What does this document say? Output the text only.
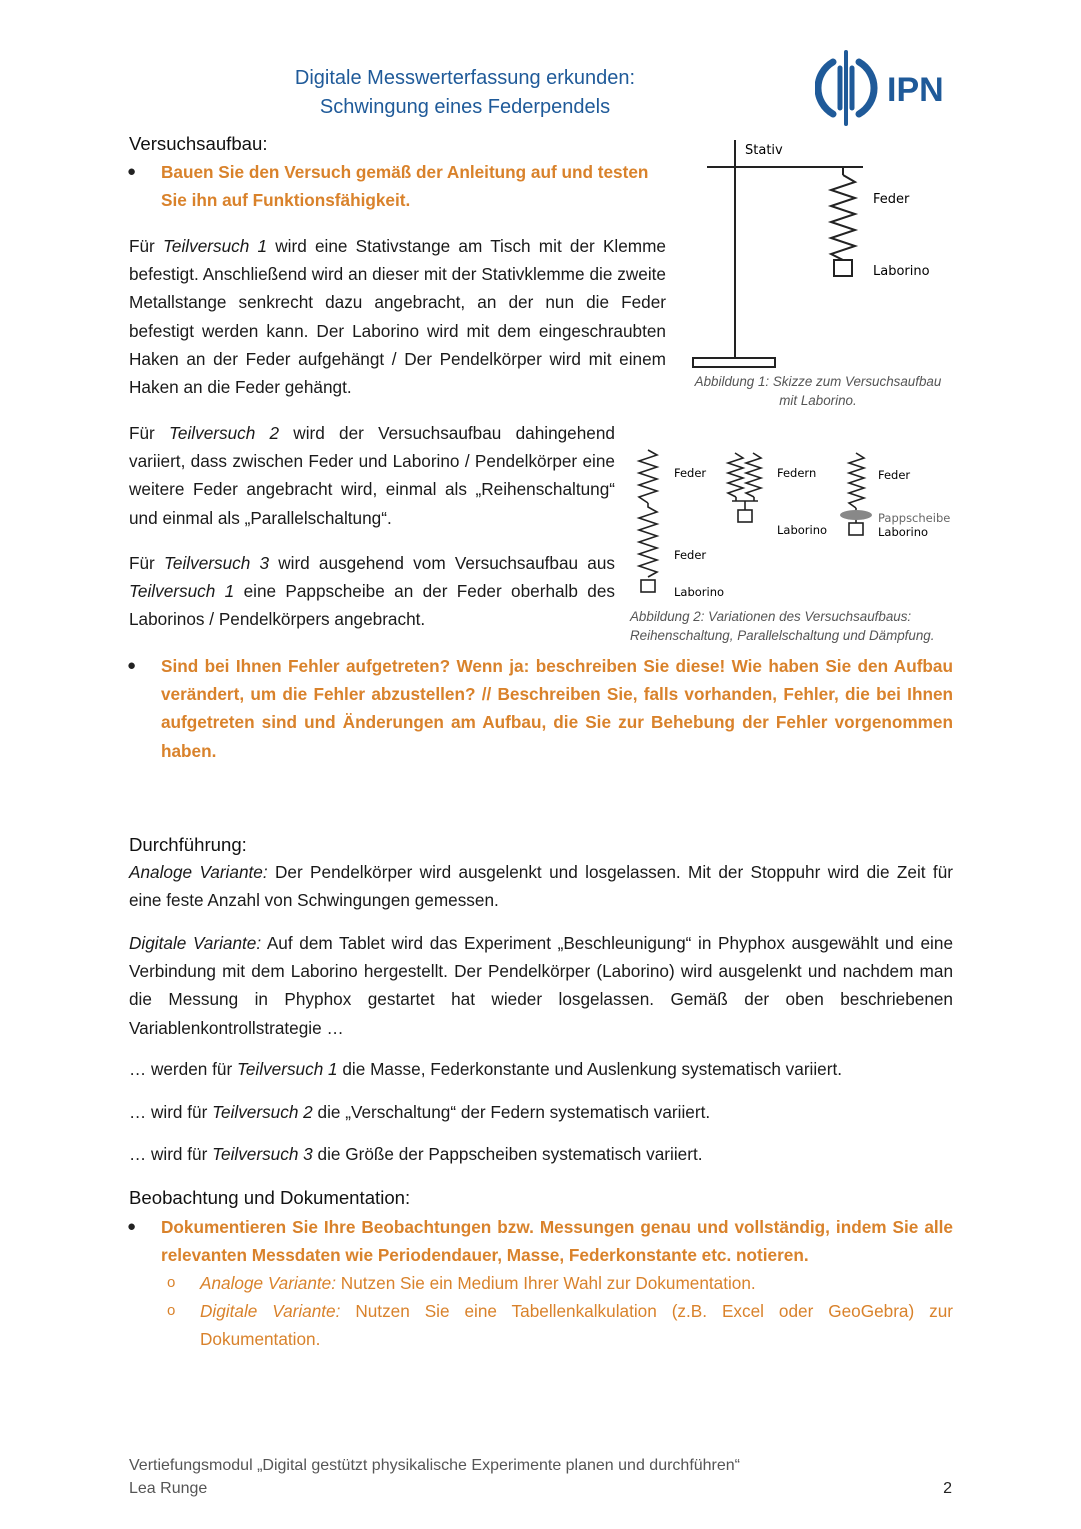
Digitale Messwerterfassung erkunden:
Schwingung eines Federpendels	IPN
Versuchsaufbau:
● Bauen Sie den Versuch gemäß der Anleitung auf und testen
Sie ihn auf Funktionsfähigkeit.

Für Teilversuch 1 wird eine Stativstange am Tisch mit der Klemme befestigt. Anschließend wird an dieser mit der Stativklemme die zweite Metallstange senkrecht dazu angebracht, an der nun die Feder befestigt werden kann. Der Laborino wird mit dem eingeschraubten Haken an der Feder aufgehängt / Der Pendelkörper wird mit einem Haken an die Feder gehängt.

Für Teilversuch 2 wird der Versuchsaufbau dahingehend variiert, dass zwischen Feder und Laborino / Pendelkörper eine weitere Feder angebracht wird, einmal als „Reihenschaltung“ und einmal als „Parallelschaltung“.

Für Teilversuch 3 wird ausgehend vom Versuchsaufbau aus Teilversuch 1 eine Pappscheibe an der Feder oberhalb des Laborinos / Pendelkörpers angebracht.

Stativ
Feder
Laborino
Abbildung 1: Skizze zum Versuchsaufbau
mit Laborino.
Feder
Feder
Laborino
Federn
Laborino
Feder
Pappscheibe
Laborino
Abbildung 2: Variationen des Versuchsaufbaus:
Reihenschaltung, Parallelschaltung und Dämpfung.
● Sind bei Ihnen Fehler aufgetreten? Wenn ja: beschreiben Sie diese! Wie haben Sie den Aufbau verändert, um die Fehler abzustellen? // Beschreiben Sie, falls vorhanden, Fehler, die bei Ihnen aufgetreten sind und Änderungen am Aufbau, die Sie zur Behebung der Fehler vorgenommen haben.

Durchführung:

Analoge Variante: Der Pendelkörper wird ausgelenkt und losgelassen. Mit der Stoppuhr wird die Zeit für eine feste Anzahl von Schwingungen gemessen.

Digitale Variante: Auf dem Tablet wird das Experiment „Beschleunigung“ in Phyphox ausgewählt und eine Verbindung mit dem Laborino hergestellt. Der Pendelkörper (Laborino) wird ausgelenkt und nachdem man die Messung in Phyphox gestartet hat wieder losgelassen. Gemäß der oben beschriebenen Variablenkontrollstrategie …

… werden für Teilversuch 1 die Masse, Federkonstante und Auslenkung systematisch variiert.

… wird für Teilversuch 2 die „Verschaltung“ der Federn systematisch variiert.

… wird für Teilversuch 3 die Größe der Pappscheiben systematisch variiert.

Beobachtung und Dokumentation:
● Dokumentieren Sie Ihre Beobachtungen bzw. Messungen genau und vollständig, indem Sie alle relevanten Messdaten wie Periodendauer, Masse, Federkonstante etc. notieren.

o Analoge Variante: Nutzen Sie ein Medium Ihrer Wahl zur Dokumentation.

o Digitale Variante: Nutzen Sie eine Tabellenkalkulation (z.B. Excel oder GeoGebra) zur Dokumentation.

Vertiefungsmodul „Digital gestützt physikalische Experimente planen und durchführen“
Lea Runge	2
